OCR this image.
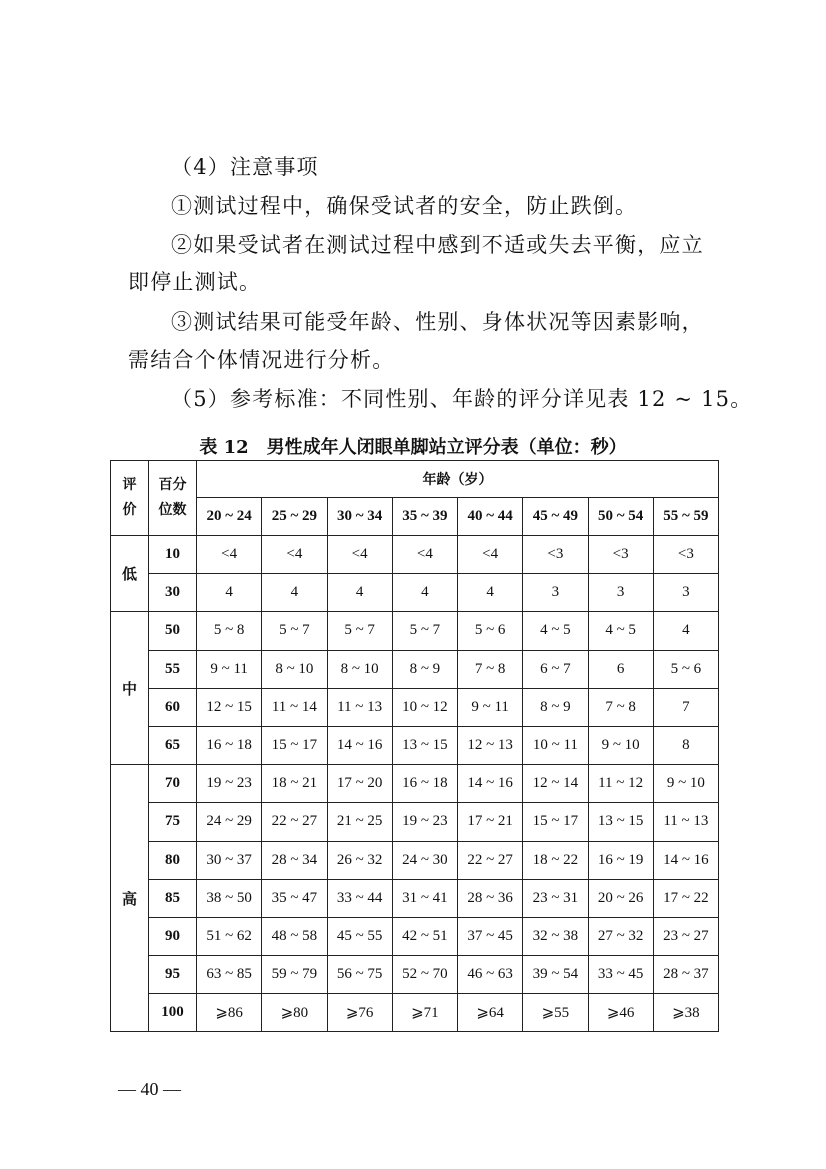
（4）注意事项
①测试过程中，确保受试者的安全，防止跌倒。
②如果受试者在测试过程中感到不适或失去平衡，应立
即停止测试。
③测试结果可能受年龄、性别、身体状况等因素影响，
需结合个体情况进行分析。
（5）参考标准：不同性别、年龄的评分详见表 12 ~ 15。
表 12　男性成年人闭眼单脚站立评分表（单位：秒）
评价	百分位数	年龄（岁）							
		20 ~ 24	25 ~ 29	30 ~ 34	35 ~ 39	40 ~ 44	45 ~ 49	50 ~ 54	55 ~ 59
低	10	<4	<4	<4	<4	<4	<3	<3	<3
	30	4	4	4	4	4	3	3	3
中	50	5 ~ 8	5 ~ 7	5 ~ 7	5 ~ 7	5 ~ 6	4 ~ 5	4 ~ 5	4
	55	9 ~ 11	8 ~ 10	8 ~ 10	8 ~ 9	7 ~ 8	6 ~ 7	6	5 ~ 6
	60	12 ~ 15	11 ~ 14	11 ~ 13	10 ~ 12	9 ~ 11	8 ~ 9	7 ~ 8	7
	65	16 ~ 18	15 ~ 17	14 ~ 16	13 ~ 15	12 ~ 13	10 ~ 11	9 ~ 10	8
高	70	19 ~ 23	18 ~ 21	17 ~ 20	16 ~ 18	14 ~ 16	12 ~ 14	11 ~ 12	9 ~ 10
	75	24 ~ 29	22 ~ 27	21 ~ 25	19 ~ 23	17 ~ 21	15 ~ 17	13 ~ 15	11 ~ 13
	80	30 ~ 37	28 ~ 34	26 ~ 32	24 ~ 30	22 ~ 27	18 ~ 22	16 ~ 19	14 ~ 16
	85	38 ~ 50	35 ~ 47	33 ~ 44	31 ~ 41	28 ~ 36	23 ~ 31	20 ~ 26	17 ~ 22
	90	51 ~ 62	48 ~ 58	45 ~ 55	42 ~ 51	37 ~ 45	32 ~ 38	27 ~ 32	23 ~ 27
	95	63 ~ 85	59 ~ 79	56 ~ 75	52 ~ 70	46 ~ 63	39 ~ 54	33 ~ 45	28 ~ 37
	100	⩾86	⩾80	⩾76	⩾71	⩾64	⩾55	⩾46	⩾38
— 40 —
